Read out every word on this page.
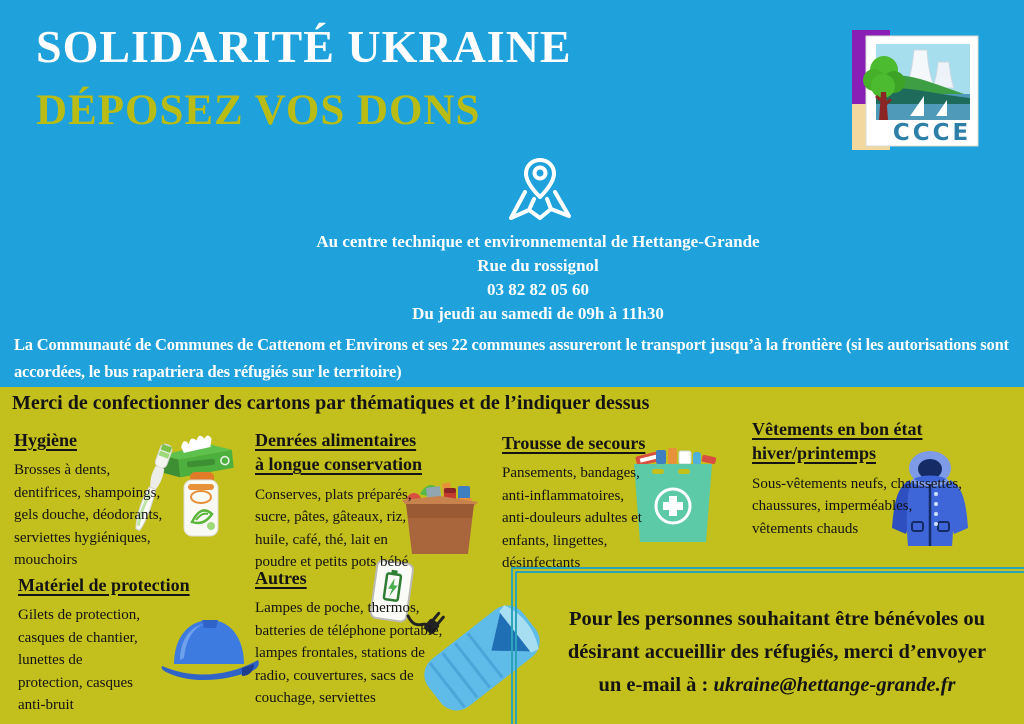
SOLIDARITÉ UKRAINE
DÉPOSEZ VOS DONS	CCCE

Au centre technique et environnemental de Hettange-Grande

Rue du rossignol

03 82 82 05 60

Du jeudi au samedi de 09h à 11h30

La Communauté de Communes de Cattenom et Environs et ses 22 communes assureront le transport jusqu’à la frontière (si les autorisations sont accordées, le bus rapatriera des réfugiés sur le territoire)

Merci de confectionner des cartons par thématiques et de l’indiquer dessus
Hygiène

Brosses à dents, dentifrices, shampoings, gels douche, déodorants, serviettes hygiéniques, mouchoirs

Denrées alimentaires
à longue conservation

Conserves, plats préparés, sucre, pâtes, gâteaux, riz, huile, café, thé, lait en poudre et petits pots bébé

Trousse de secours

Pansements, bandages, anti-inflammatoires, anti-douleurs adultes et enfants, lingettes, désinfectants

Vêtements en bon état
hiver/printemps

Sous-vêtements neufs, chaussettes, chaussures, imperméables, vêtements chauds

Matériel de protection

Gilets de protection, casques de chantier, lunettes de protection, casques anti-bruit

Autres

Lampes de poche, thermos, batteries de téléphone portable, lampes frontales, stations de radio, couvertures, sacs de couchage, serviettes

Pour les personnes souhaitant être bénévoles ou
désirant accueillir des réfugiés, merci d’envoyer
un e-mail à : ukraine@hettange-grande.fr
